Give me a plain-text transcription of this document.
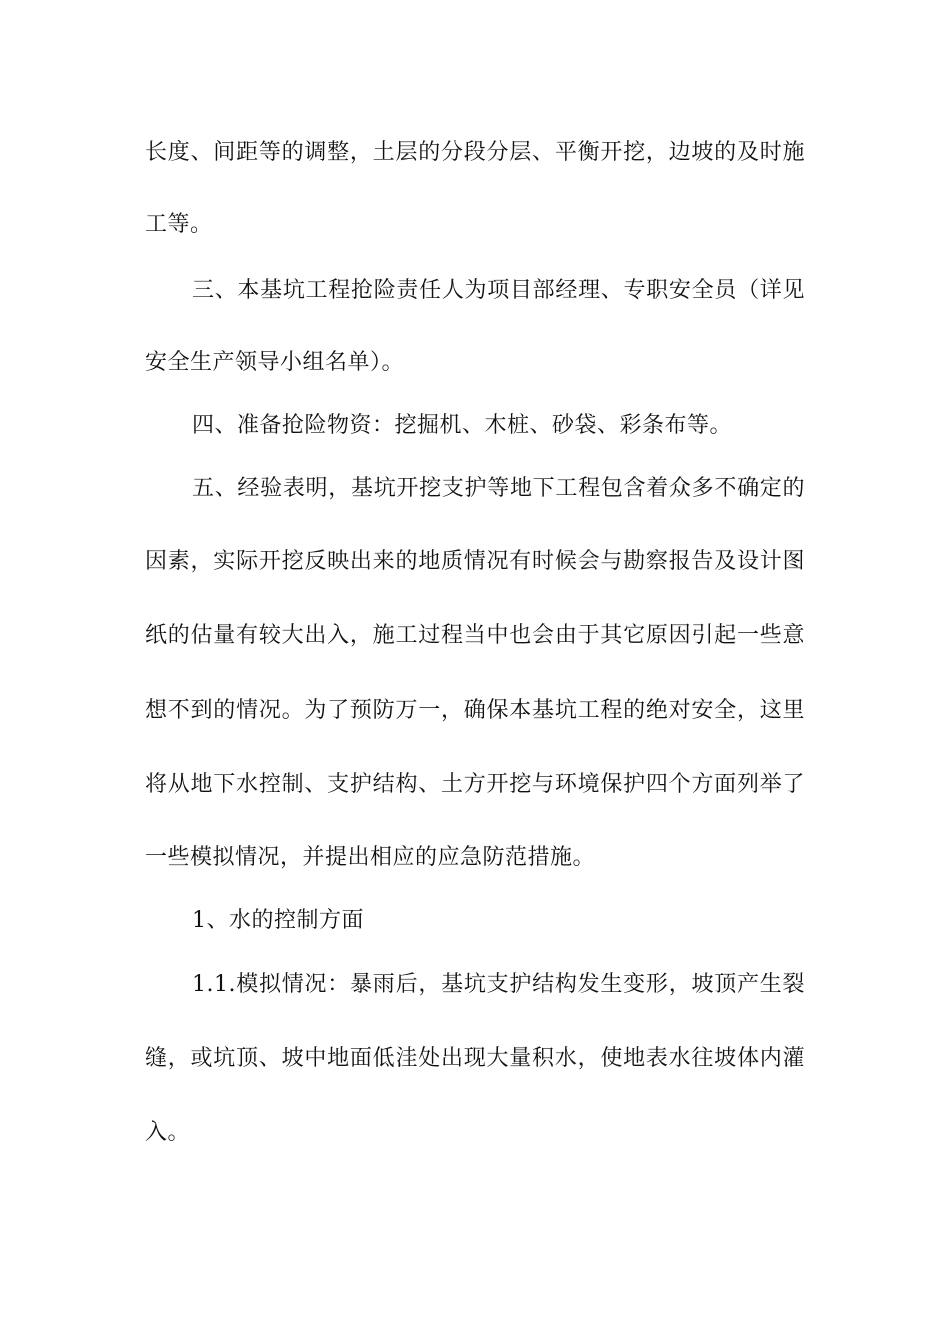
长度、间距等的调整，土层的分段分层、平衡开挖，边坡的及时施
工等。
三、本基坑工程抢险责任人为项目部经理、专职安全员（详见
安全生产领导小组名单）。
四、准备抢险物资：挖掘机、木桩、砂袋、彩条布等。
五、经验表明，基坑开挖支护等地下工程包含着众多不确定的
因素，实际开挖反映出来的地质情况有时候会与勘察报告及设计图
纸的估量有较大出入，施工过程当中也会由于其它原因引起一些意
想不到的情况。为了预防万一，确保本基坑工程的绝对安全，这里
将从地下水控制、支护结构、土方开挖与环境保护四个方面列举了
一些模拟情况，并提出相应的应急防范措施。
1、水的控制方面
1.1.模拟情况：暴雨后，基坑支护结构发生变形，坡顶产生裂
缝，或坑顶、坡中地面低洼处出现大量积水，使地表水往坡体内灌
入。
